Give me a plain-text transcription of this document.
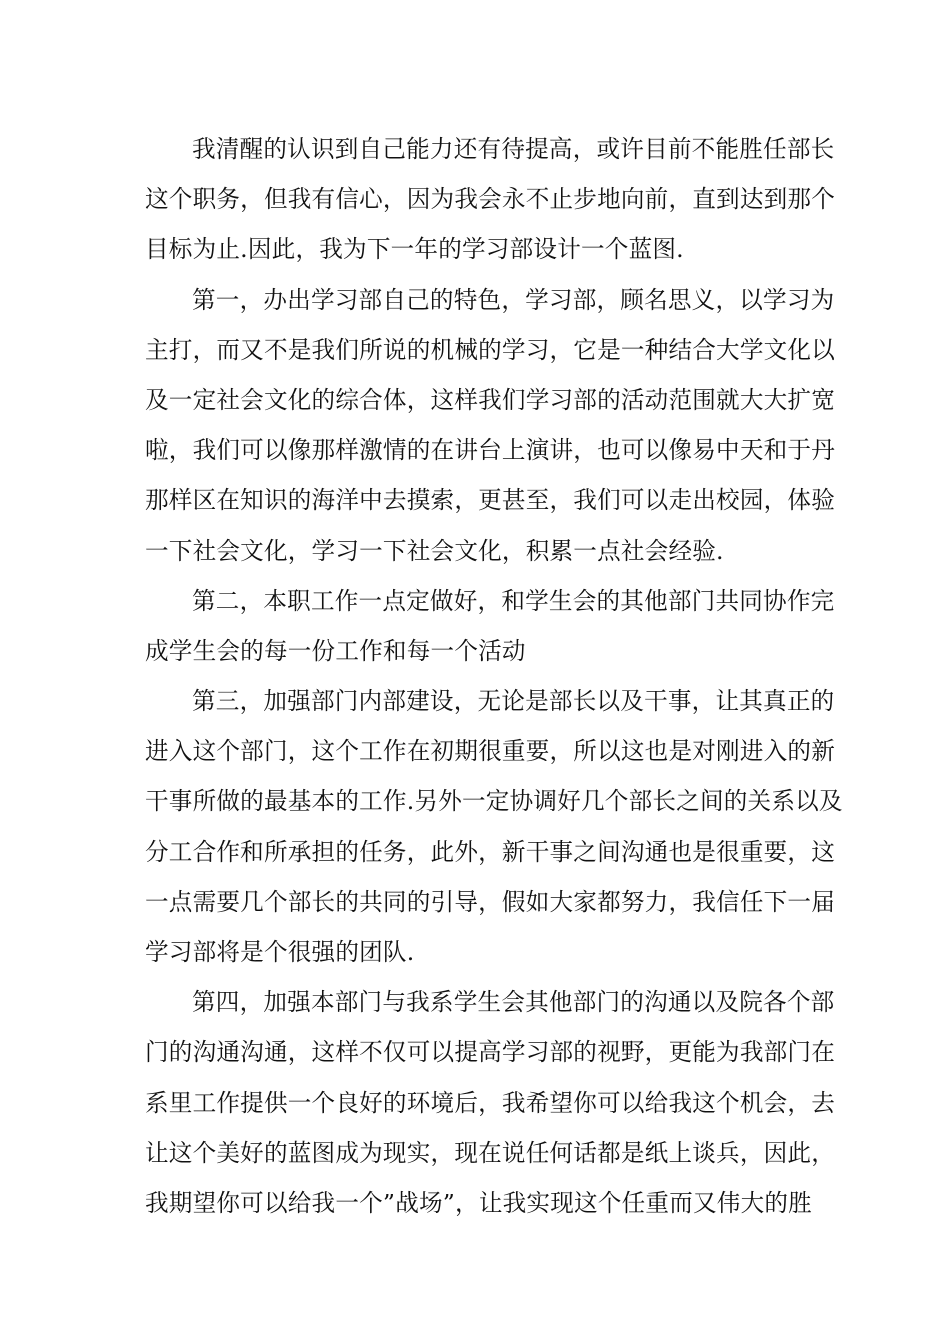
我清醒的认识到自己能力还有待提高，或许目前不能胜任部长
这个职务，但我有信心，因为我会永不止步地向前，直到达到那个
目标为止.因此，我为下一年的学习部设计一个蓝图.
第一，办出学习部自己的特色，学习部，顾名思义，以学习为
主打，而又不是我们所说的机械的学习，它是一种结合大学文化以
及一定社会文化的综合体，这样我们学习部的活动范围就大大扩宽
啦，我们可以像那样激情的在讲台上演讲，也可以像易中天和于丹
那样区在知识的海洋中去摸索，更甚至，我们可以走出校园，体验
一下社会文化，学习一下社会文化，积累一点社会经验.
第二，本职工作一点定做好，和学生会的其他部门共同协作完
成学生会的每一份工作和每一个活动
第三，加强部门内部建设，无论是部长以及干事，让其真正的
进入这个部门，这个工作在初期很重要，所以这也是对刚进入的新
干事所做的最基本的工作.另外一定协调好几个部长之间的关系以及
分工合作和所承担的任务，此外，新干事之间沟通也是很重要，这
一点需要几个部长的共同的引导，假如大家都努力，我信任下一届
学习部将是个很强的团队.
第四，加强本部门与我系学生会其他部门的沟通以及院各个部
门的沟通沟通，这样不仅可以提高学习部的视野，更能为我部门在
系里工作提供一个良好的环境后，我希望你可以给我这个机会，去
让这个美好的蓝图成为现实，现在说任何话都是纸上谈兵，因此，
我期望你可以给我一个”战场”，让我实现这个任重而又伟大的胜
